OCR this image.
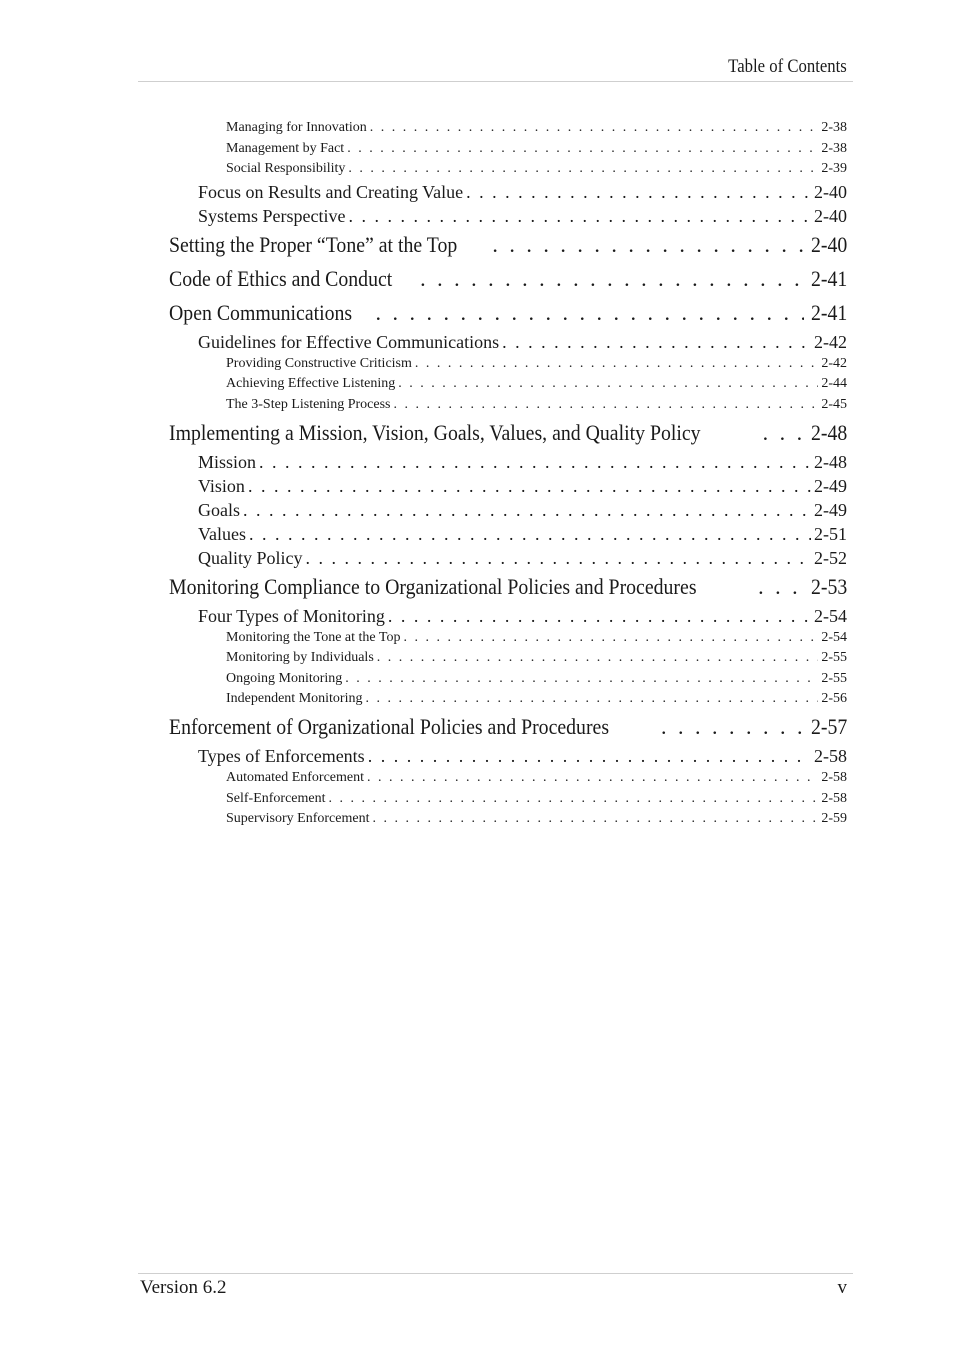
Table of Contents
Managing for Innovation . . .	2-38
Management by Fact . . .	2-38
Social Responsibility . . .	2-39
Focus on Results and Creating Value . . .	2-40
Systems Perspective . . .	2-40
Setting the Proper “Tone” at the Top . . .	2-40
Code of Ethics and Conduct . . .	2-41
Open Communications . . .	2-41
Guidelines for Effective Communications . . .	2-42
Providing Constructive Criticism . . .	2-42
Achieving Effective Listening . . .	2-44
The 3-Step Listening Process . . .	2-45
Implementing a Mission, Vision, Goals, Values, and Quality Policy . . .	2-48
Mission . . .	2-48
Vision . . .	2-49
Goals . . .	2-49
Values . . .	2-51
Quality Policy . . .	2-52
Monitoring Compliance to Organizational Policies and Procedures . . .	2-53
Four Types of Monitoring . . .	2-54
Monitoring the Tone at the Top . . .	2-54
Monitoring by Individuals . . .	2-55
Ongoing Monitoring . . .	2-55
Independent Monitoring . . .	2-56
Enforcement of Organizational Policies and Procedures . . .	2-57
Types of Enforcements . . .	2-58
Automated Enforcement . . .	2-58
Self-Enforcement . . .	2-58
Supervisory Enforcement . . .	2-59
Version 6.2	v
